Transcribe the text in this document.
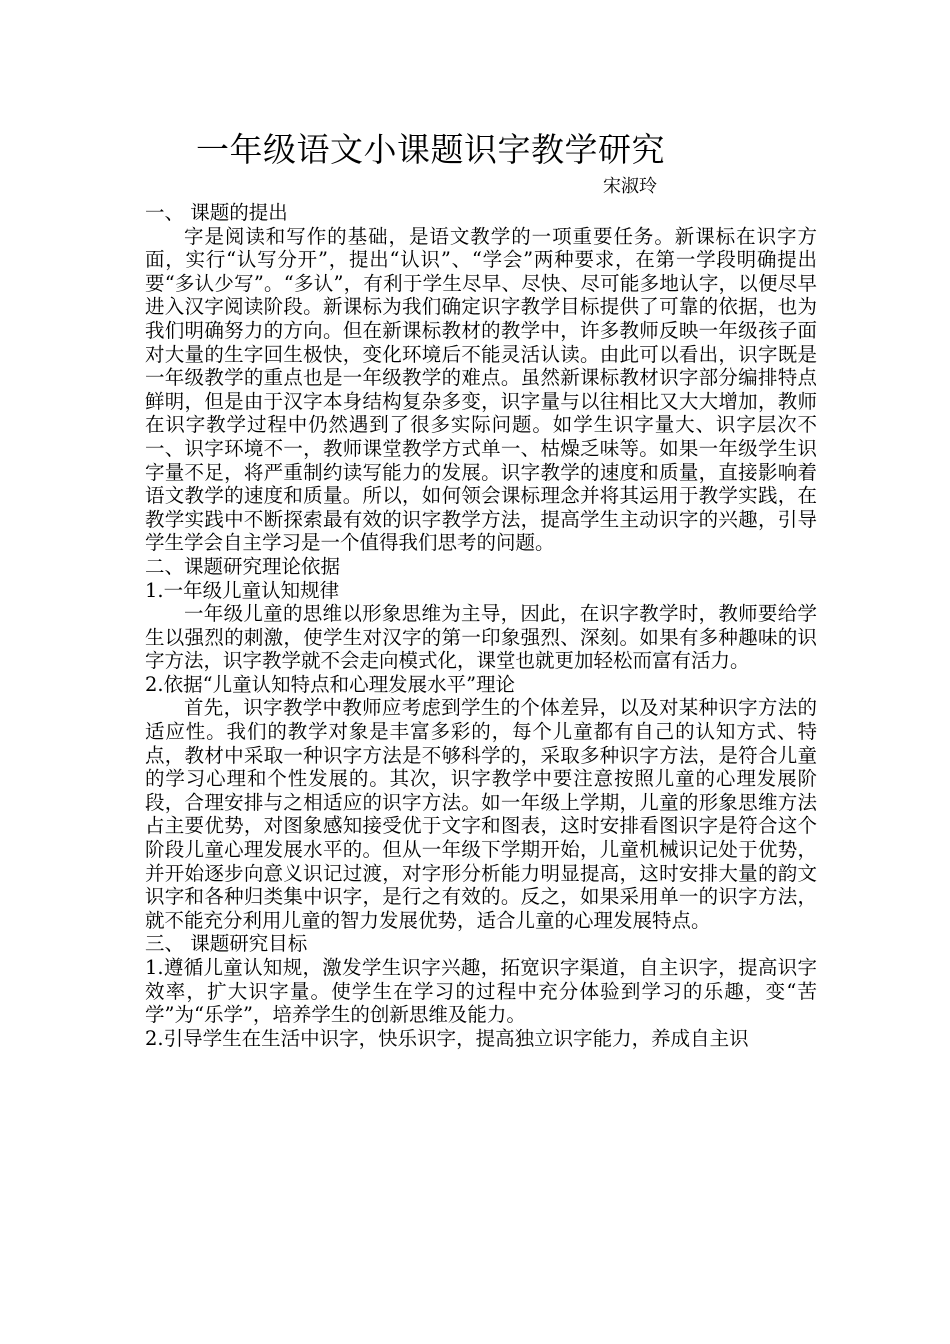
一年级语文小课题识字教学研究
宋淑玲

一、 课题的提出

字是阅读和写作的基础，是语文教学的一项重要任务。新课标在识字方面，实行“认写分开”，提出“认识”、“学会”两种要求，在第一学段明确提出要“多认少写”。“多认”，有利于学生尽早、尽快、尽可能多地认字，以便尽早进入汉字阅读阶段。新课标为我们确定识字教学目标提供了可靠的依据，也为我们明确努力的方向。但在新课标教材的教学中，许多教师反映一年级孩子面对大量的生字回生极快，变化环境后不能灵活认读。由此可以看出，识字既是一年级教学的重点也是一年级教学的难点。虽然新课标教材识字部分编排特点鲜明，但是由于汉字本身结构复杂多变，识字量与以往相比又大大增加，教师在识字教学过程中仍然遇到了很多实际问题。如学生识字量大、识字层次不一、识字环境不一，教师课堂教学方式单一、枯燥乏味等。如果一年级学生识字量不足，将严重制约读写能力的发展。识字教学的速度和质量，直接影响着语文教学的速度和质量。所以，如何领会课标理念并将其运用于教学实践，在教学实践中不断探索最有效的识字教学方法，提高学生主动识字的兴趣，引导学生学会自主学习是一个值得我们思考的问题。

二、课题研究理论依据

1.一年级儿童认知规律

一年级儿童的思维以形象思维为主导，因此，在识字教学时，教师要给学生以强烈的刺激，使学生对汉字的第一印象强烈、深刻。如果有多种趣味的识字方法，识字教学就不会走向模式化，课堂也就更加轻松而富有活力。

2.依据“儿童认知特点和心理发展水平”理论

首先，识字教学中教师应考虑到学生的个体差异，以及对某种识字方法的适应性。我们的教学对象是丰富多彩的，每个儿童都有自己的认知方式、特点，教材中采取一种识字方法是不够科学的，采取多种识字方法，是符合儿童的学习心理和个性发展的。其次，识字教学中要注意按照儿童的心理发展阶段，合理安排与之相适应的识字方法。如一年级上学期，儿童的形象思维方法占主要优势，对图象感知接受优于文字和图表，这时安排看图识字是符合这个阶段儿童心理发展水平的。但从一年级下学期开始，儿童机械识记处于优势，并开始逐步向意义识记过渡，对字形分析能力明显提高，这时安排大量的韵文识字和各种归类集中识字，是行之有效的。反之，如果采用单一的识字方法，就不能充分利用儿童的智力发展优势，适合儿童的心理发展特点。

三、 课题研究目标

1.遵循儿童认知规，激发学生识字兴趣，拓宽识字渠道，自主识字，提高识字效率，扩大识字量。使学生在学习的过程中充分体验到学习的乐趣，变“苦学”为“乐学”，培养学生的创新思维及能力。

2.引导学生在生活中识字，快乐识字，提高独立识字能力，养成自主识
